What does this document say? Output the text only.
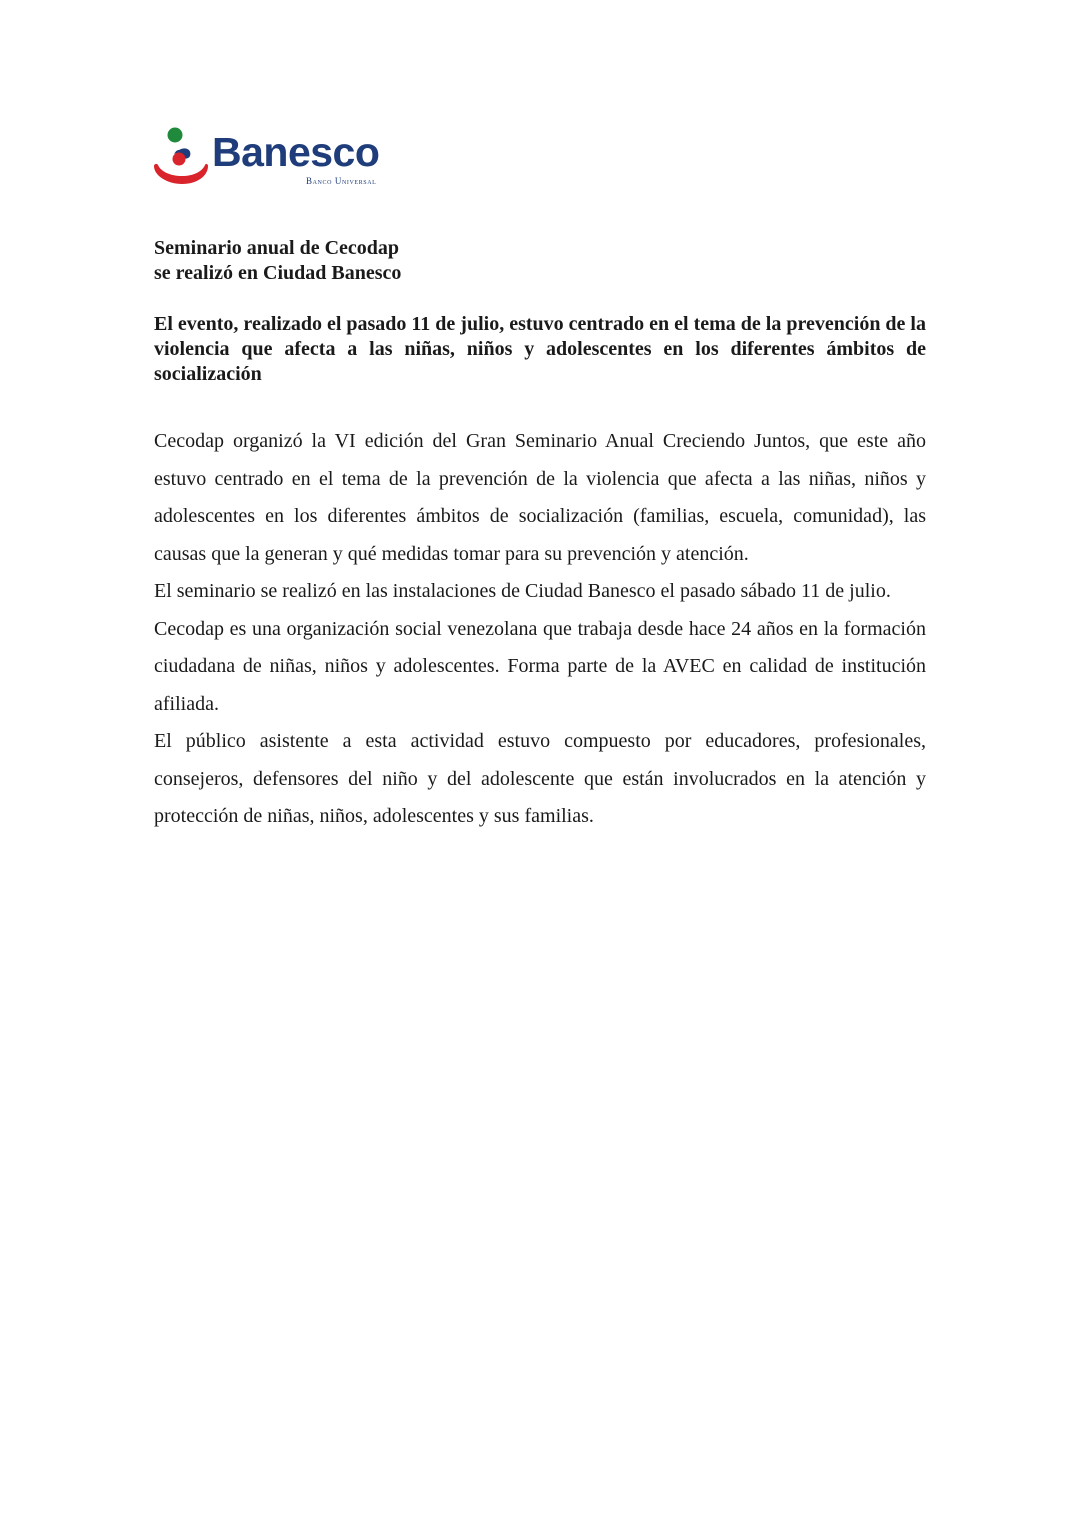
Banesco
Banco Universal
Seminario anual de Cecodap
se realizó en Ciudad Banesco

El evento, realizado el pasado 11 de julio, estuvo centrado en el tema de la prevención de la violencia que afecta a las niñas, niños y adolescentes en los diferentes ámbitos de socialización

Cecodap organizó la VI edición del Gran Seminario Anual Creciendo Juntos, que este año estuvo centrado en el tema de la prevención de la violencia que afecta a las niñas, niños y adolescentes en los diferentes ámbitos de socialización (familias, escuela, comunidad), las causas que la generan y qué medidas tomar para su prevención y atención.

El seminario se realizó en las instalaciones de Ciudad Banesco el pasado sábado 11 de julio.

Cecodap es una organización social venezolana que trabaja desde hace 24 años en la formación ciudadana de niñas, niños y adolescentes. Forma parte de la AVEC en calidad de institución afiliada.

El público asistente a esta actividad estuvo compuesto por educadores, profesionales, consejeros, defensores del niño y del adolescente que están involucrados en la atención y protección de niñas, niños, adolescentes y sus familias.
